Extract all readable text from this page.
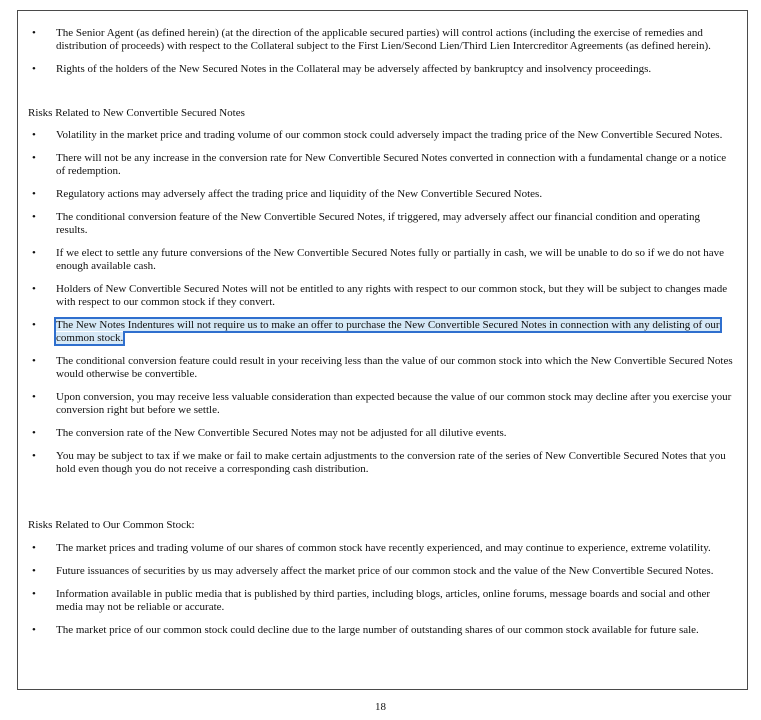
• The Senior Agent (as defined herein) (at the direction of the applicable secured parties) will control actions (including the exercise of remedies and distribution of proceeds) with respect to the Collateral subject to the First Lien/Second Lien/Third Lien Intercreditor Agreements (as defined herein).
• Rights of the holders of the New Secured Notes in the Collateral may be adversely affected by bankruptcy and insolvency proceedings.
Risks Related to New Convertible Secured Notes
• Volatility in the market price and trading volume of our common stock could adversely impact the trading price of the New Convertible Secured Notes.
• There will not be any increase in the conversion rate for New Convertible Secured Notes converted in connection with a fundamental change or a notice of redemption.
• Regulatory actions may adversely affect the trading price and liquidity of the New Convertible Secured Notes.
• The conditional conversion feature of the New Convertible Secured Notes, if triggered, may adversely affect our financial condition and operating results.
• If we elect to settle any future conversions of the New Convertible Secured Notes fully or partially in cash, we will be unable to do so if we do not have enough available cash.
• Holders of New Convertible Secured Notes will not be entitled to any rights with respect to our common stock, but they will be subject to changes made with respect to our common stock if they convert.
• The New Notes Indentures will not require us to make an offer to purchase the New Convertible Secured Notes in connection with any delisting of our common stock.
• The conditional conversion feature could result in your receiving less than the value of our common stock into which the New Convertible Secured Notes would otherwise be convertible.
• Upon conversion, you may receive less valuable consideration than expected because the value of our common stock may decline after you exercise your conversion right but before we settle.
• The conversion rate of the New Convertible Secured Notes may not be adjusted for all dilutive events.
• You may be subject to tax if we make or fail to make certain adjustments to the conversion rate of the series of New Convertible Secured Notes that you hold even though you do not receive a corresponding cash distribution.
Risks Related to Our Common Stock:
• The market prices and trading volume of our shares of common stock have recently experienced, and may continue to experience, extreme volatility.
• Future issuances of securities by us may adversely affect the market price of our common stock and the value of the New Convertible Secured Notes.
• Information available in public media that is published by third parties, including blogs, articles, online forums, message boards and social and other media may not be reliable or accurate.
• The market price of our common stock could decline due to the large number of outstanding shares of our common stock available for future sale.
18
